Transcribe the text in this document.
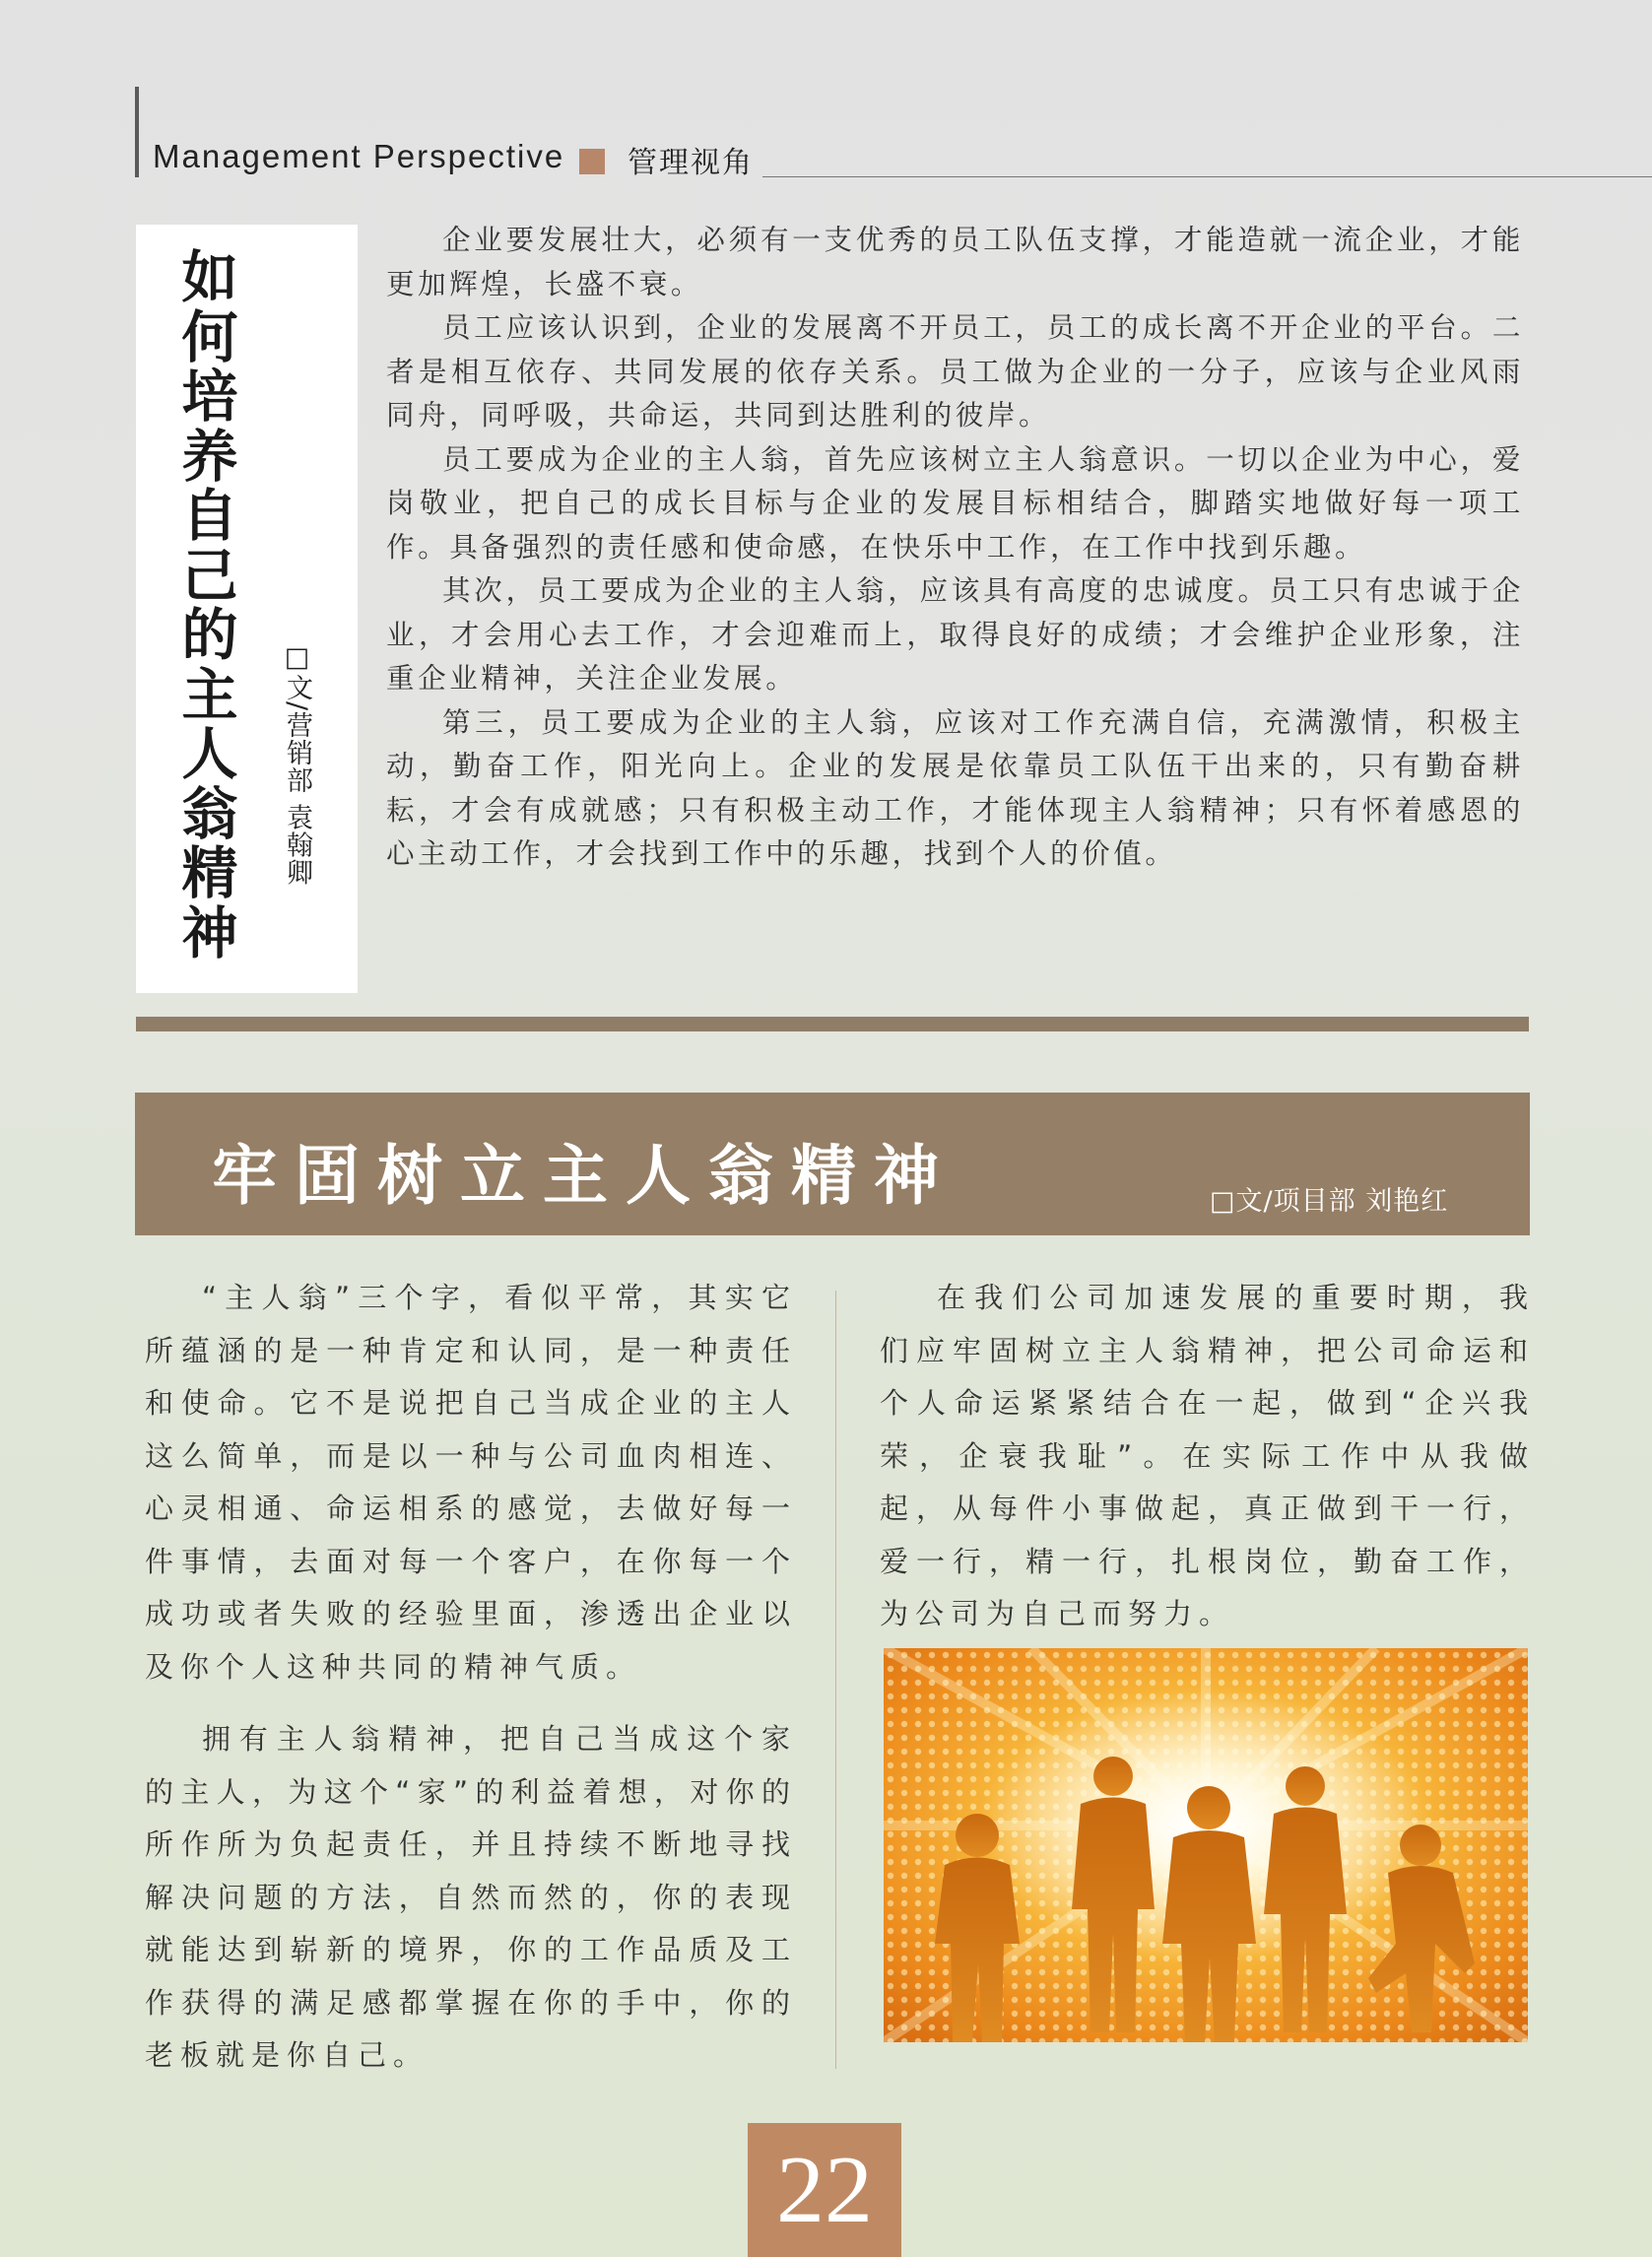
Management Perspective 管理视角
如
何
培
养
自
己
的
主
人
翁
精
神
□文/营销部 袁翰卿

企业要发展壮大，必须有一支优秀的员工队伍支撑，才能造就一流企业，才能更加辉煌，长盛不衰。

员工应该认识到，企业的发展离不开员工，员工的成长离不开企业的平台。二者是相互依存、共同发展的依存关系。员工做为企业的一分子，应该与企业风雨同舟，同呼吸，共命运，共同到达胜利的彼岸。

员工要成为企业的主人翁，首先应该树立主人翁意识。一切以企业为中心，爱岗敬业，把自己的成长目标与企业的发展目标相结合，脚踏实地做好每一项工作。具备强烈的责任感和使命感，在快乐中工作，在工作中找到乐趣。

其次，员工要成为企业的主人翁，应该具有高度的忠诚度。员工只有忠诚于企业，才会用心去工作，才会迎难而上，取得良好的成绩；才会维护企业形象，注重企业精神，关注企业发展。

第三，员工要成为企业的主人翁，应该对工作充满自信，充满激情，积极主动，勤奋工作，阳光向上。企业的发展是依靠员工队伍干出来的，只有勤奋耕耘，才会有成就感；只有积极主动工作，才能体现主人翁精神；只有怀着感恩的心主动工作，才会找到工作中的乐趣，找到个人的价值。

牢固树立主人翁精神	□文/项目部 刘艳红

“主人翁”三个字，看似平常，其实它所蕴涵的是一种肯定和认同，是一种责任和使命。它不是说把自己当成企业的主人这么简单，而是以一种与公司血肉相连、心灵相通、命运相系的感觉，去做好每一件事情，去面对每一个客户，在你每一个成功或者失败的经验里面，渗透出企业以及你个人这种共同的精神气质。

拥有主人翁精神，把自己当成这个家的主人，为这个“家”的利益着想，对你的所作所为负起责任，并且持续不断地寻找解决问题的方法，自然而然的，你的表现就能达到崭新的境界，你的工作品质及工作获得的满足感都掌握在你的手中，你的老板就是你自己。

在我们公司加速发展的重要时期，我们应牢固树立主人翁精神，把公司命运和个人命运紧紧结合在一起，做到“企兴我荣，企衰我耻”。在实际工作中从我做起，从每件小事做起，真正做到干一行，爱一行，精一行，扎根岗位，勤奋工作，为公司为自己而努力。

22
